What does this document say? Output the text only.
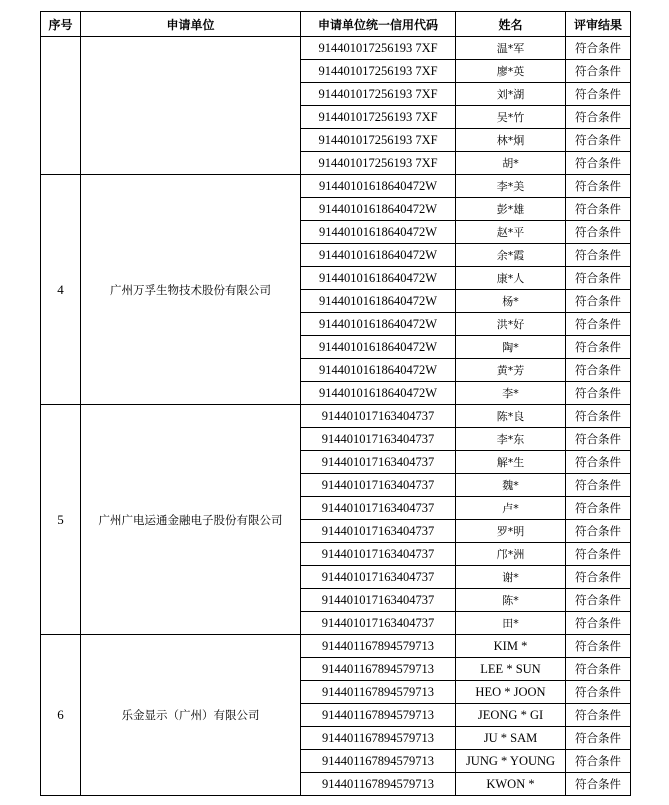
序号	申请单位	申请单位统一信用代码	姓名	评审结果
		914401017256193 7XF	温*军	符合条件
		914401017256193 7XF	廖*英	符合条件
		914401017256193 7XF	刘*湖	符合条件
		914401017256193 7XF	吴*竹	符合条件
		914401017256193 7XF	林*炯	符合条件
		914401017256193 7XF	胡*	符合条件
4	广州万孚生物技术股份有限公司	91440101618640472W	李*美	符合条件
		91440101618640472W	彭*雄	符合条件
		91440101618640472W	赵*平	符合条件
		91440101618640472W	余*霞	符合条件
		91440101618640472W	康*人	符合条件
		91440101618640472W	杨*	符合条件
		91440101618640472W	洪*好	符合条件
		91440101618640472W	陶*	符合条件
		91440101618640472W	黄*芳	符合条件
		91440101618640472W	李*	符合条件
5	广州广电运通金融电子股份有限公司	914401017163404737	陈*良	符合条件
		914401017163404737	李*东	符合条件
		914401017163404737	解*生	符合条件
		914401017163404737	魏*	符合条件
		914401017163404737	卢*	符合条件
		914401017163404737	罗*明	符合条件
		914401017163404737	邝*洲	符合条件
		914401017163404737	谢*	符合条件
		914401017163404737	陈*	符合条件
		914401017163404737	田*	符合条件
6	乐金显示（广州）有限公司	914401167894579713	KIM *	符合条件
		914401167894579713	LEE * SUN	符合条件
		914401167894579713	HEO * JOON	符合条件
		914401167894579713	JEONG * GI	符合条件
		914401167894579713	JU * SAM	符合条件
		914401167894579713	JUNG * YOUNG	符合条件
		914401167894579713	KWON *	符合条件
